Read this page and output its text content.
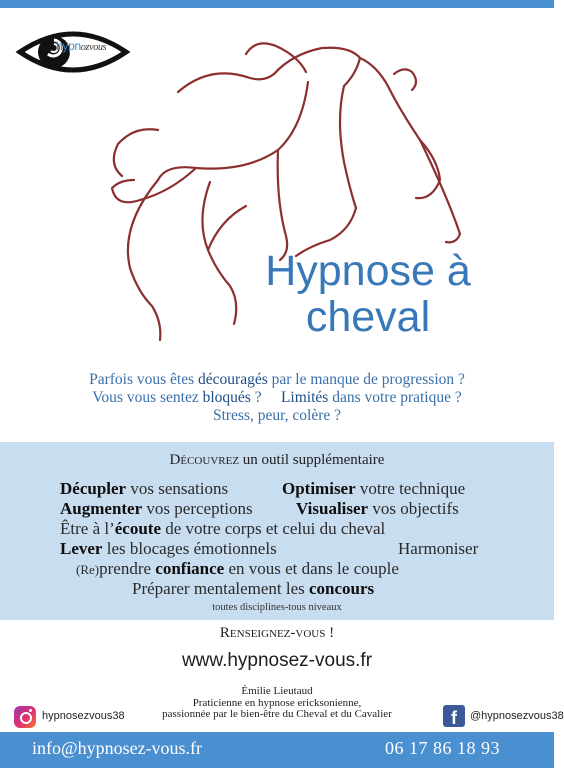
hypnozvous
Hypnose à
cheval
Parfois vous êtes découragés par le manque de progression ?
Vous vous sentez bloqués ?     Limités dans votre pratique ?
Stress, peur, colère ?
Découvrez un outil supplémentaire
Décupler vos sensations	Optimiser votre technique
Augmenter vos perceptions	Visualiser vos objectifs
Être à l’écoute de votre corps et celui du cheval
Lever les blocages émotionnels	Harmoniser
(Re)prendre confiance en vous et dans le couple
Préparer mentalement les concours
toutes disciplines-tous niveaux
Renseignez-vous !
www.hypnosez-vous.fr
Émilie Lieutaud
Praticienne en hypnose ericksonienne,
passionnée par le bien-être du Cheval et du Cavalier
hypnosezvous38	f	@hypnosezvous38
info@hypnosez-vous.fr	06 17 86 18 93
